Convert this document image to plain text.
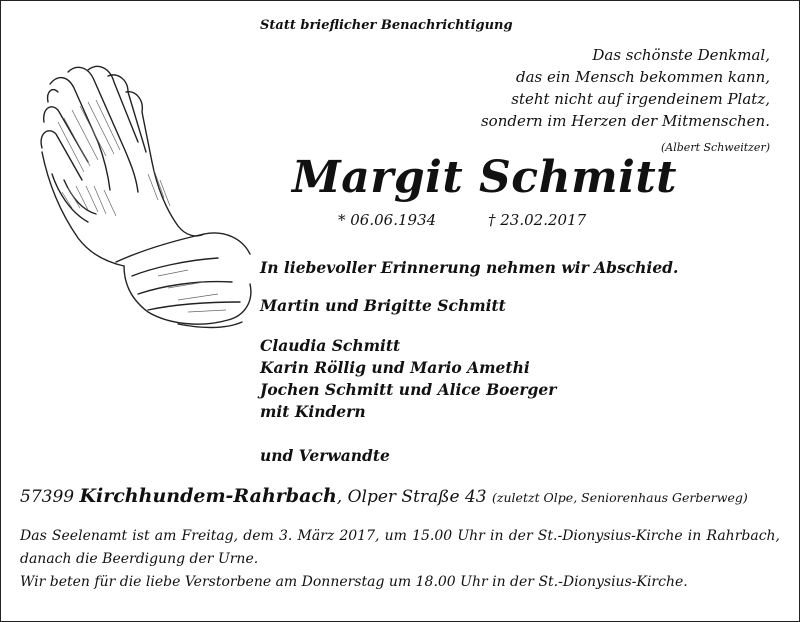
Statt brieflicher Benachrichtigung
Das schönste Denkmal,
das ein Mensch bekommen kann,
steht nicht auf irgendeinem Platz,
sondern im Herzen der Mitmenschen.
(Albert Schweitzer)
Margit Schmitt
* 06.06.1934	† 23.02.2017
In liebevoller Erinnerung nehmen wir Abschied.
Martin und Brigitte Schmitt
Claudia Schmitt
Karin Röllig und Mario Amethi
Jochen Schmitt und Alice Boerger
mit Kindern
und Verwandte
57399 Kirchhundem-Rahrbach, Olper Straße 43 (zuletzt Olpe, Seniorenhaus Gerberweg)
Das Seelenamt ist am Freitag, dem 3. März 2017, um 15.00 Uhr in der St.-Dionysius-Kirche in Rahrbach, danach die Beerdigung der Urne.
Wir beten für die liebe Verstorbene am Donnerstag um 18.00 Uhr in der St.-Dionysius-Kirche.
